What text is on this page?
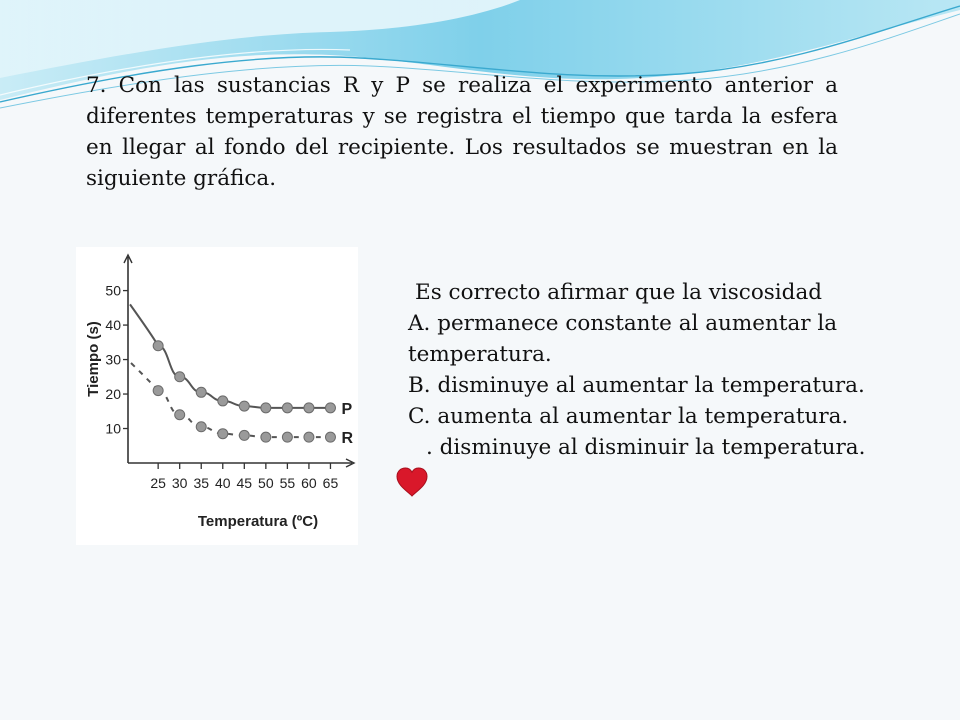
7. Con las sustancias R y P se realiza el experimento anterior a diferentes temperaturas y se registra el tiempo que tarda la esfera en llegar al fondo del recipiente. Los resultados se muestran en la siguiente gráfica.

10
20
30
40
50
25 30 35 40 45 50 55 60 65
P
R
Tiempo (s)
Temperatura (ºC)

Es correcto afirmar que la viscosidad

A. permanece constante al aumentar la temperatura.

B. disminuye al aumentar la temperatura.

C. aumenta al aumentar la temperatura.

. disminuye al disminuir la temperatura.
